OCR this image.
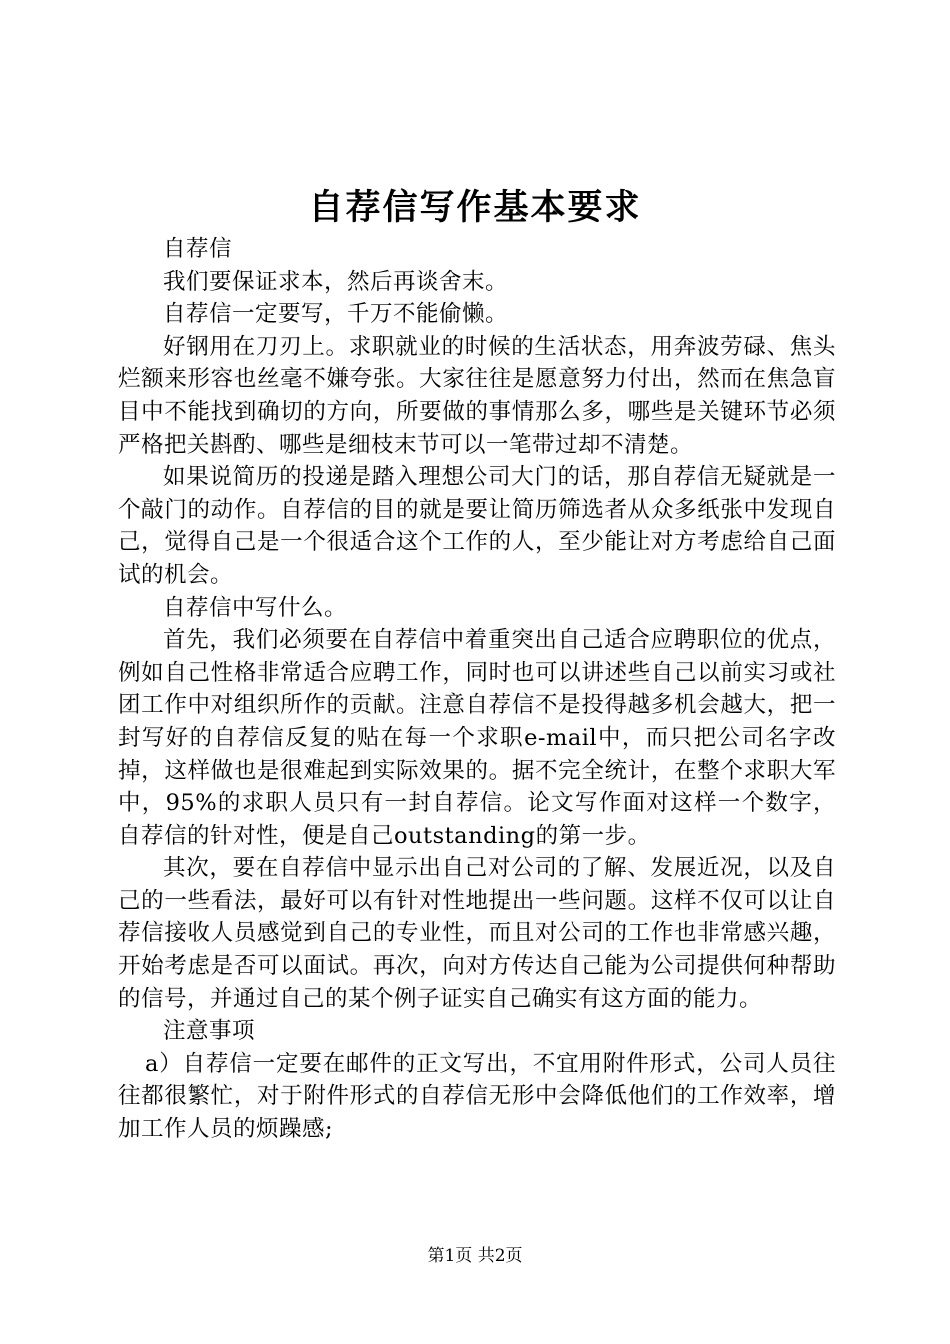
自荐信写作基本要求

自荐信

我们要保证求本，然后再谈舍末。

自荐信一定要写，千万不能偷懒。

好钢用在刀刃上。求职就业的时候的生活状态，用奔波劳碌、焦头烂额来形容也丝毫不嫌夸张。大家往往是愿意努力付出，然而在焦急盲目中不能找到确切的方向，所要做的事情那么多，哪些是关键环节必须严格把关斟酌、哪些是细枝末节可以一笔带过却不清楚。

如果说简历的投递是踏入理想公司大门的话，那自荐信无疑就是一个敲门的动作。自荐信的目的就是要让简历筛选者从众多纸张中发现自己，觉得自己是一个很适合这个工作的人，至少能让对方考虑给自己面试的机会。

自荐信中写什么。

首先，我们必须要在自荐信中着重突出自己适合应聘职位的优点，例如自己性格非常适合应聘工作，同时也可以讲述些自己以前实习或社团工作中对组织所作的贡献。注意自荐信不是投得越多机会越大，把一封写好的自荐信反复的贴在每一个求职e-mail中，而只把公司名字改掉，这样做也是很难起到实际效果的。据不完全统计，在整个求职大军中，95%的求职人员只有一封自荐信。论文写作面对这样一个数字，自荐信的针对性，便是自己outstanding的第一步。

其次，要在自荐信中显示出自己对公司的了解、发展近况，以及自己的一些看法，最好可以有针对性地提出一些问题。这样不仅可以让自荐信接收人员感觉到自己的专业性，而且对公司的工作也非常感兴趣，开始考虑是否可以面试。再次，向对方传达自己能为公司提供何种帮助的信号，并通过自己的某个例子证实自己确实有这方面的能力。

注意事项

a）自荐信一定要在邮件的正文写出，不宜用附件形式，公司人员往往都很繁忙，对于附件形式的自荐信无形中会降低他们的工作效率，增加工作人员的烦躁感;

第1页 共2页
